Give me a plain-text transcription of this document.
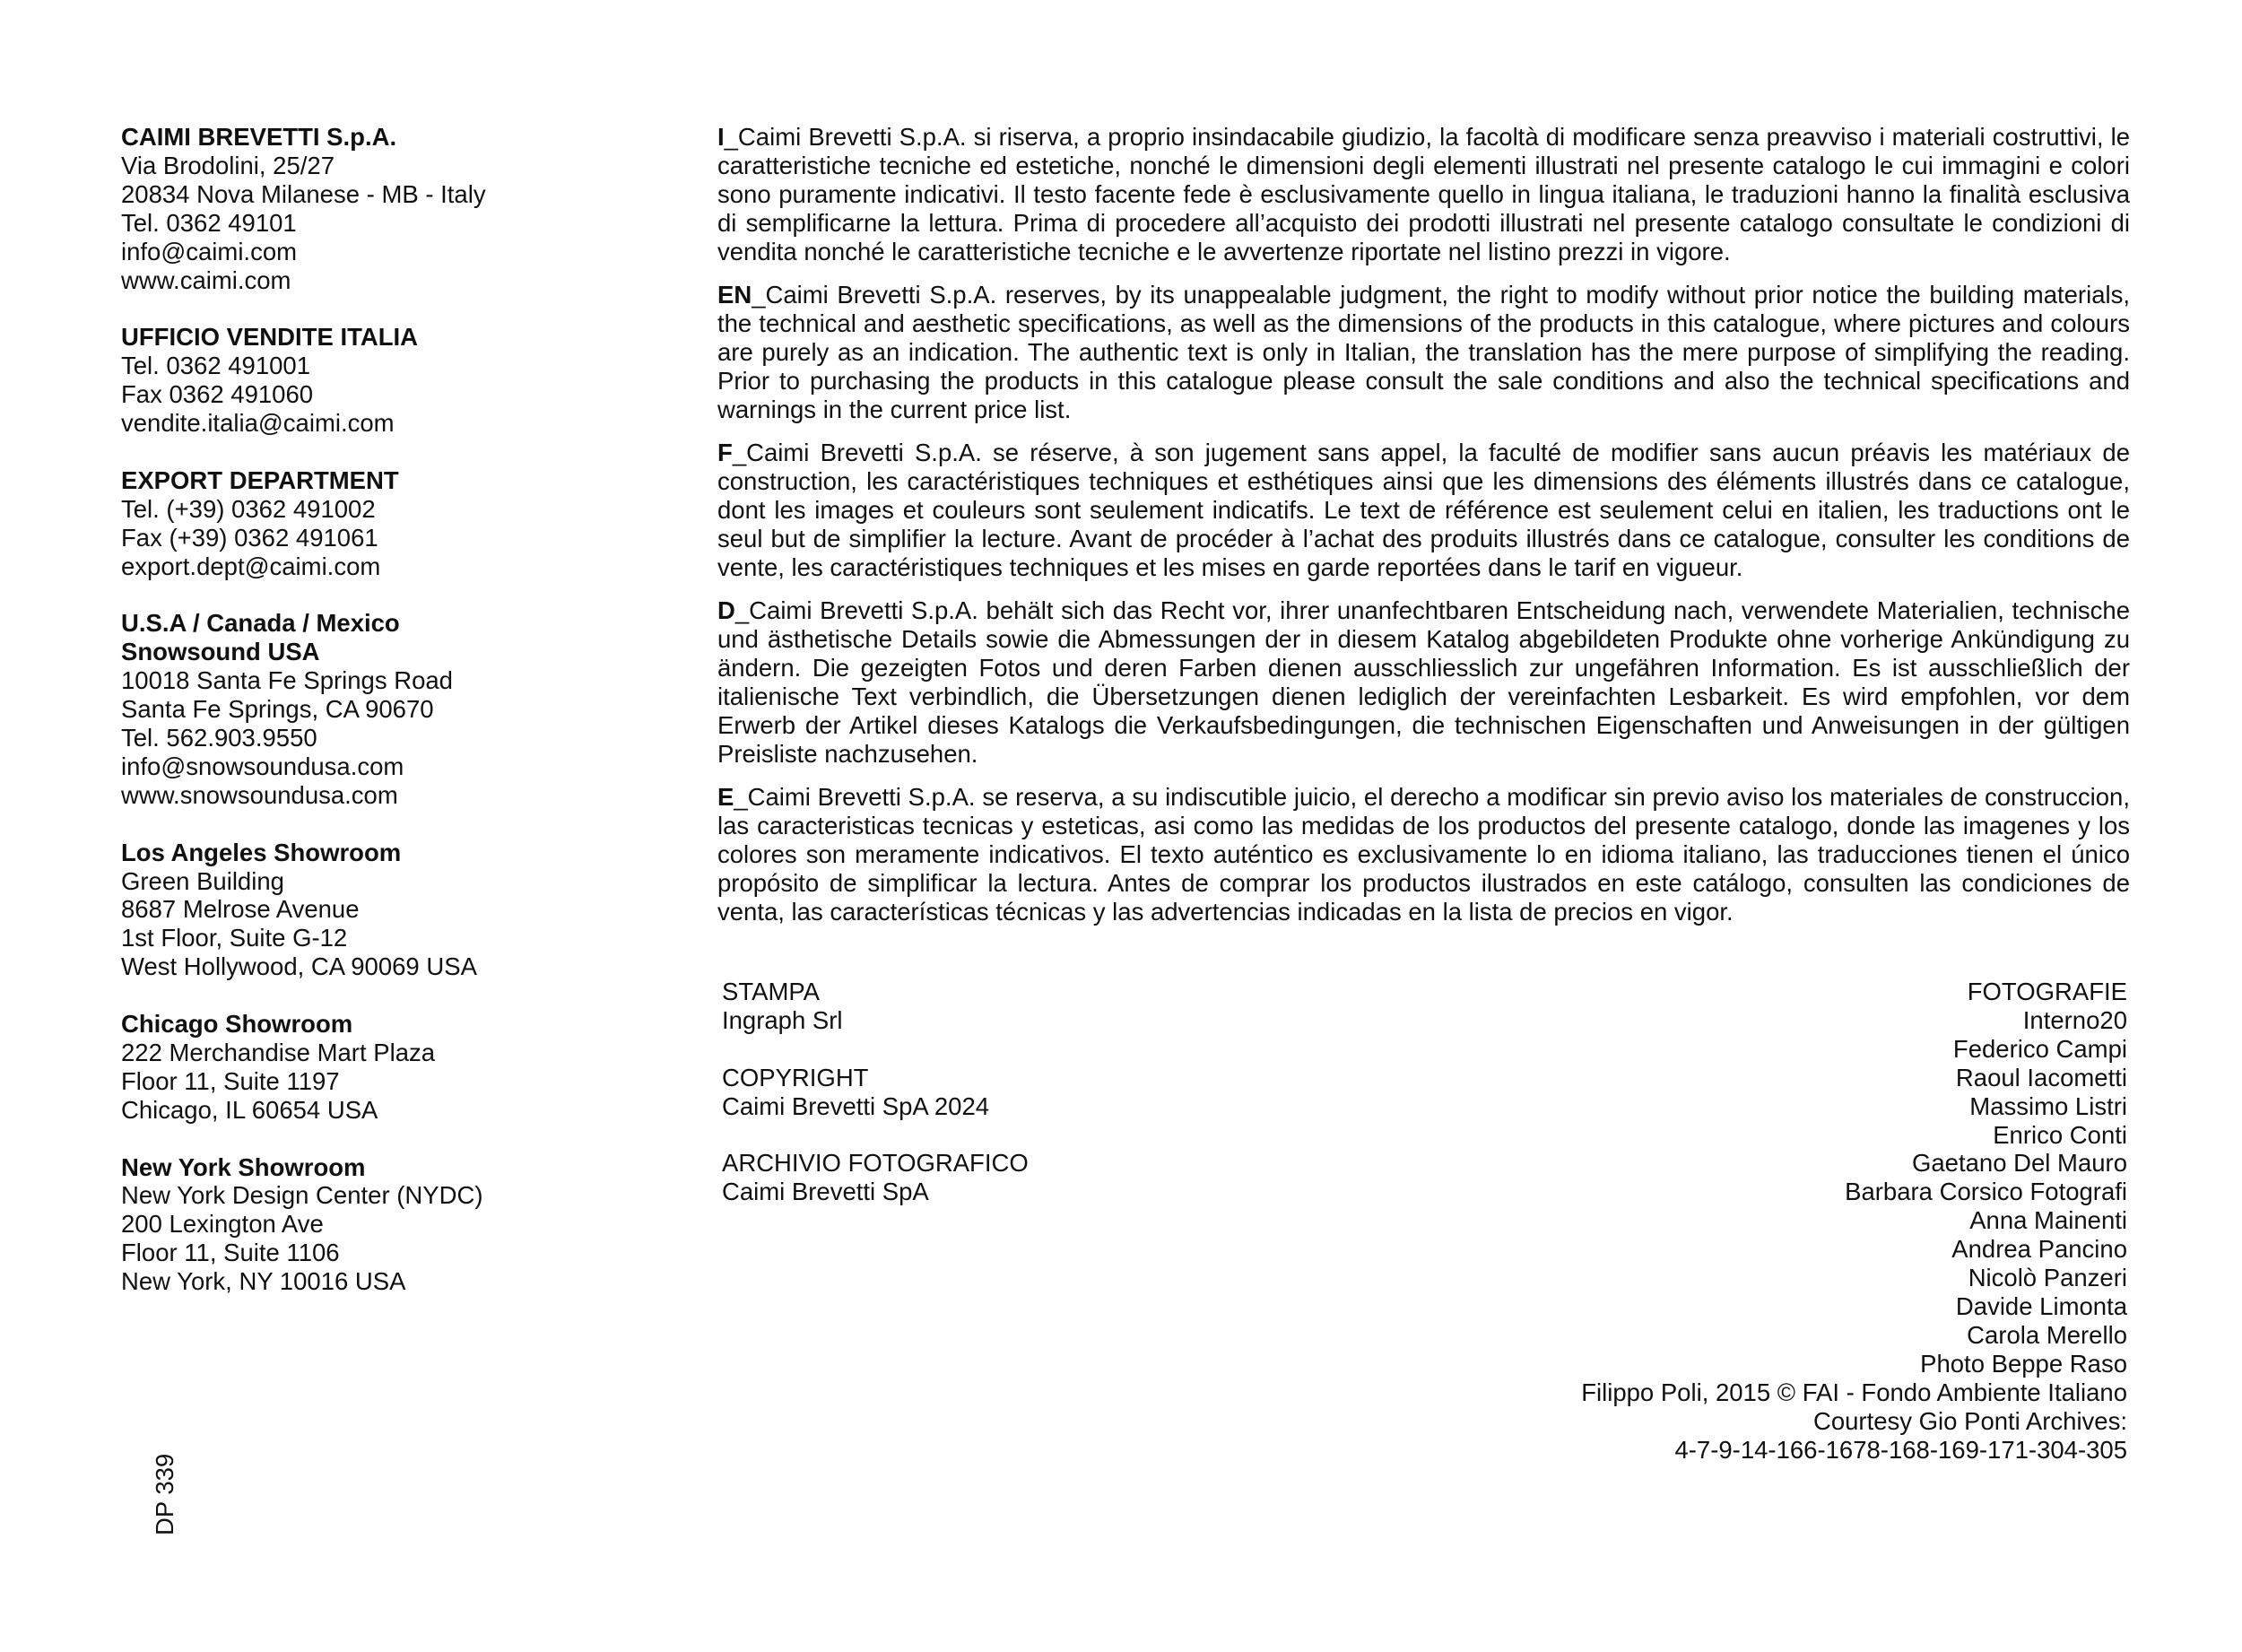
CAIMI BREVETTI S.p.A.
Via Brodolini, 25/27
20834 Nova Milanese - MB - Italy
Tel. 0362 49101
info@caimi.com
www.caimi.com
UFFICIO VENDITE ITALIA
Tel. 0362 491001
Fax 0362 491060
vendite.italia@caimi.com
EXPORT DEPARTMENT
Tel. (+39) 0362 491002
Fax (+39) 0362 491061
export.dept@caimi.com
U.S.A / Canada / Mexico
Snowsound USA
10018 Santa Fe Springs Road
Santa Fe Springs, CA 90670
Tel. 562.903.9550
info@snowsoundusa.com
www.snowsoundusa.com
Los Angeles Showroom
Green Building
8687 Melrose Avenue
1st Floor, Suite G-12
West Hollywood, CA 90069 USA
Chicago Showroom
222 Merchandise Mart Plaza
Floor 11, Suite 1197
Chicago, IL 60654 USA
New York Showroom
New York Design Center (NYDC)
200 Lexington Ave
Floor 11, Suite 1106
New York, NY 10016 USA

I_Caimi Brevetti S.p.A. si riserva, a proprio insindacabile giudizio, la facoltà di modificare senza preavviso i materiali costruttivi, le caratteristiche tecniche ed estetiche, nonché le dimensioni degli elementi illustrati nel presente catalogo le cui immagini e colori sono puramente indicativi. Il testo facente fede è esclusivamente quello in lingua italiana, le traduzioni hanno la finalità esclusiva di semplificarne la lettura. Prima di procedere all’acquisto dei prodotti illustrati nel presente catalogo consultate le condizioni di vendita nonché le caratteristiche tecniche e le avvertenze riportate nel listino prezzi in vigore.

EN_Caimi Brevetti S.p.A. reserves, by its unappealable judgment, the right to modify without prior notice the building materials, the technical and aesthetic specifications, as well as the dimensions of the products in this catalogue, where pictures and colours are purely as an indication. The authentic text is only in Italian, the translation has the mere purpose of simplifying the reading. Prior to purchasing the products in this catalogue please consult the sale conditions and also the technical specifications and warnings in the current price list.

F_Caimi Brevetti S.p.A. se réserve, à son jugement sans appel, la faculté de modifier sans aucun préavis les matériaux de construction, les caractéristiques techniques et esthétiques ainsi que les dimensions des éléments illustrés dans ce catalogue, dont les images et couleurs sont seulement indicatifs. Le text de référence est seulement celui en italien, les traductions ont le seul but de simplifier la lecture. Avant de procéder à l’achat des produits illustrés dans ce catalogue, consulter les conditions de vente, les caractéristiques techniques et les mises en garde reportées dans le tarif en vigueur.

D_Caimi Brevetti S.p.A. behält sich das Recht vor, ihrer unanfechtbaren Entscheidung nach, verwendete Materialien, technische und ästhetische Details sowie die Abmessungen der in diesem Katalog abgebildeten Produkte ohne vorherige Ankündigung zu ändern. Die gezeigten Fotos und deren Farben dienen ausschliesslich zur ungefähren Information. Es ist ausschließlich der italienische Text verbindlich, die Übersetzungen dienen lediglich der vereinfachten Lesbarkeit. Es wird empfohlen, vor dem Erwerb der Artikel dieses Katalogs die Verkaufsbedingungen, die technischen Eigenschaften und Anweisungen in der gültigen Preisliste nachzusehen.

E_Caimi Brevetti S.p.A. se reserva, a su indiscutible juicio, el derecho a modificar sin previo aviso los materiales de construccion, las caracteristicas tecnicas y esteticas, asi como las medidas de los productos del presente catalogo, donde las imagenes y los colores son meramente indicativos. El texto auténtico es exclusivamente lo en idioma italiano, las traducciones tienen el único propósito de simplificar la lectura. Antes de comprar los productos ilustrados en este catálogo, consulten las condiciones de venta, las características técnicas y las advertencias indicadas en la lista de precios en vigor.

STAMPA
Ingraph Srl
COPYRIGHT
Caimi Brevetti SpA 2024
ARCHIVIO FOTOGRAFICO
Caimi Brevetti SpA
FOTOGRAFIE
Interno20
Federico Campi
Raoul Iacometti
Massimo Listri
Enrico Conti
Gaetano Del Mauro
Barbara Corsico Fotografi
Anna Mainenti
Andrea Pancino
Nicolò Panzeri
Davide Limonta
Carola Merello
Photo Beppe Raso
Filippo Poli, 2015 © FAI - Fondo Ambiente Italiano
Courtesy Gio Ponti Archives:
4-7-9-14-166-1678-168-169-171-304-305
DP 339
